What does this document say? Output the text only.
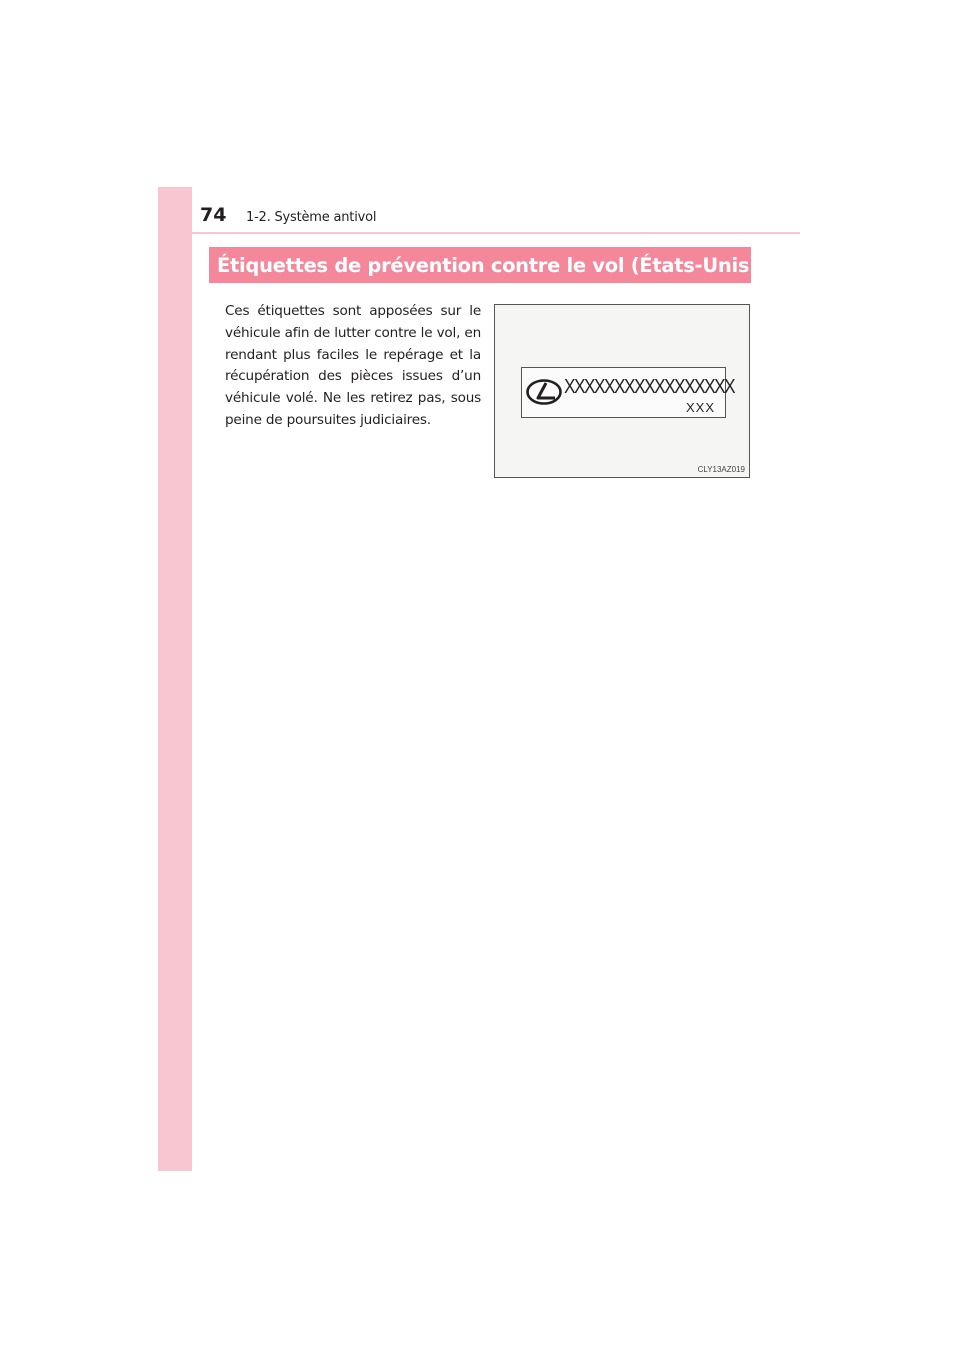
74 1-2. Système antivol
Étiquettes de prévention contre le vol (États-Unis)

Ces étiquettes sont apposées sur le véhicule afin de lutter contre le vol, en rendant plus faciles le repérage et la récupération des pièces issues d’un véhicule volé. Ne les retirez pas, sous peine de poursuites judiciaires.

XXXXXXXXXXXXXXXXX
XXX
CLY13AZ019
